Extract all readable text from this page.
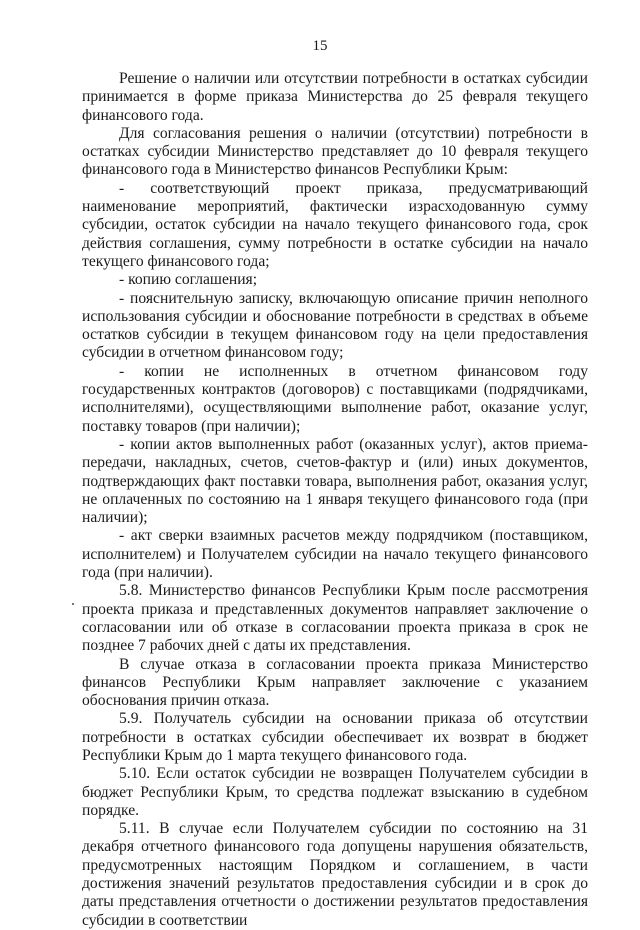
15

Решение о наличии или отсутствии потребности в остатках субсидии принимается в форме приказа Министерства до 25 февраля текущего финансового года.

Для согласования решения о наличии (отсутствии) потребности в остатках субсидии Министерство представляет до 10 февраля текущего финансового года в Министерство финансов Республики Крым:

- соответствующий проект приказа, предусматривающий наименование мероприятий, фактически израсходованную сумму субсидии, остаток субсидии на начало текущего финансового года, срок действия соглашения, сумму потребности в остатке субсидии на начало текущего финансового года;

- копию соглашения;

- пояснительную записку, включающую описание причин неполного использования субсидии и обоснование потребности в средствах в объеме остатков субсидии в текущем финансовом году на цели предоставления субсидии в отчетном финансовом году;

- копии не исполненных в отчетном финансовом году государственных контрактов (договоров) с поставщиками (подрядчиками, исполнителями), осуществляющими выполнение работ, оказание услуг, поставку товаров (при наличии);

- копии актов выполненных работ (оказанных услуг), актов приема-передачи, накладных, счетов, счетов-фактур и (или) иных документов, подтверждающих факт поставки товара, выполнения работ, оказания услуг, не оплаченных по состоянию на 1 января текущего финансового года (при наличии);

- акт сверки взаимных расчетов между подрядчиком (поставщиком, исполнителем) и Получателем субсидии на начало текущего финансового года (при наличии).

5.8. Министерство финансов Республики Крым после рассмотрения проекта приказа и представленных документов направляет заключение о согласовании или об отказе в согласовании проекта приказа в срок не позднее 7 рабочих дней с даты их представления.

В случае отказа в согласовании проекта приказа Министерство финансов Республики Крым направляет заключение с указанием обоснования причин отказа.

5.9. Получатель субсидии на основании приказа об отсутствии потребности в остатках субсидии обеспечивает их возврат в бюджет Республики Крым до 1 марта текущего финансового года.

5.10. Если остаток субсидии не возвращен Получателем субсидии в бюджет Республики Крым, то средства подлежат взысканию в судебном порядке.

5.11. В случае если Получателем субсидии по состоянию на 31 декабря отчетного финансового года допущены нарушения обязательств, предусмотренных настоящим Порядком и соглашением, в части достижения значений результатов предоставления субсидии и в срок до даты представления отчетности о достижении результатов предоставления субсидии в соответствии
